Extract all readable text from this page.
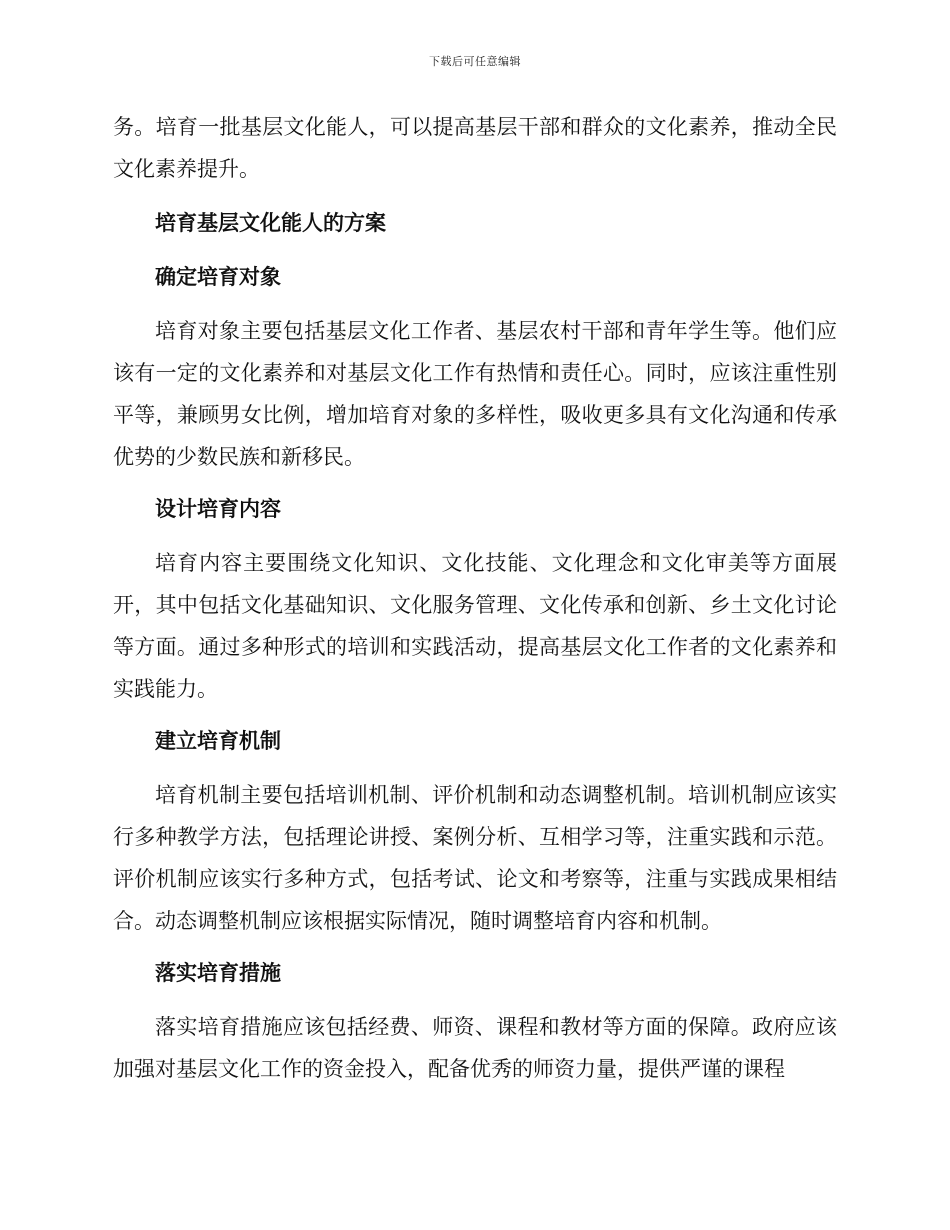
下载后可任意编辑

务。培育一批基层文化能人，可以提高基层干部和群众的文化素养，推动全民文化素养提升。

培育基层文化能人的方案
确定培育对象

培育对象主要包括基层文化工作者、基层农村干部和青年学生等。他们应该有一定的文化素养和对基层文化工作有热情和责任心。同时，应该注重性别平等，兼顾男女比例，增加培育对象的多样性，吸收更多具有文化沟通和传承优势的少数民族和新移民。

设计培育内容

培育内容主要围绕文化知识、文化技能、文化理念和文化审美等方面展开，其中包括文化基础知识、文化服务管理、文化传承和创新、乡土文化讨论等方面。通过多种形式的培训和实践活动，提高基层文化工作者的文化素养和实践能力。

建立培育机制

培育机制主要包括培训机制、评价机制和动态调整机制。培训机制应该实行多种教学方法，包括理论讲授、案例分析、互相学习等，注重实践和示范。评价机制应该实行多种方式，包括考试、论文和考察等，注重与实践成果相结合。动态调整机制应该根据实际情况，随时调整培育内容和机制。

落实培育措施

落实培育措施应该包括经费、师资、课程和教材等方面的保障。政府应该加强对基层文化工作的资金投入，配备优秀的师资力量，提供严谨的课程
